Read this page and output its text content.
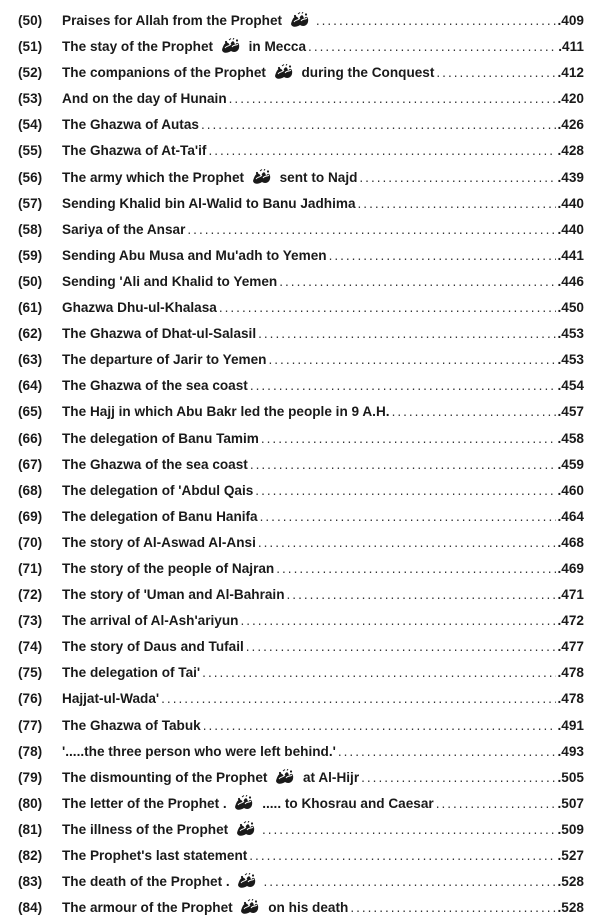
(50)	Praises for Allah from the Prophet .....	.409
(51)	The stay of the Prophet	in Mecca .....	.411
(52)	The companions of the Prophet	during the Conquest .....	.412
(53)	And on the day of Hunain .....	.420
(54)	The Ghazwa of Autas .....	.426
(55)	The Ghazwa of At-Ta'if .....	.428
(56)	The army which the Prophet	sent to Najd .....	.439
(57)	Sending Khalid bin Al-Walid to Banu Jadhima .....	.440
(58)	Sariya of the Ansar .....	.440
(59)	Sending Abu Musa and Mu'adh to Yemen .....	.441
(50)	Sending 'Ali and Khalid to Yemen .....	.446
(61)	Ghazwa Dhu-ul-Khalasa .....	.450
(62)	The Ghazwa of Dhat-ul-Salasil .....	.453
(63)	The departure of Jarir to Yemen .....	.453
(64)	The Ghazwa of the sea coast .....	.454
(65)	The Hajj in which Abu Bakr led the people in 9 A.H. .....	.457
(66)	The delegation of Banu Tamim .....	.458
(67)	The Ghazwa of the sea coast .....	.459
(68)	The delegation of 'Abdul Qais .....	.460
(69)	The delegation of Banu Hanifa .....	.464
(70)	The story of Al-Aswad Al-Ansi .....	.468
(71)	The story of the people of Najran .....	.469
(72)	The story of 'Uman and Al-Bahrain .....	.471
(73)	The arrival of Al-Ash'ariyun .....	.472
(74)	The story of Daus and Tufail .....	.477
(75)	The delegation of Tai' .....	.478
(76)	Hajjat-ul-Wada' .....	.478
(77)	The Ghazwa of Tabuk .....	.491
(78)	'.....the three person who were left behind.' .....	.493
(79)	The dismounting of the Prophet	at Al-Hijr .....	.505
(80)	The letter of the Prophet .	..... to Khosrau and Caesar .....	.507
(81)	The illness of the Prophet .....	.509
(82)	The Prophet's last statement .....	.527
(83)	The death of the Prophet . .....	.528
(84)	The armour of the Prophet	on his death .....	.528
